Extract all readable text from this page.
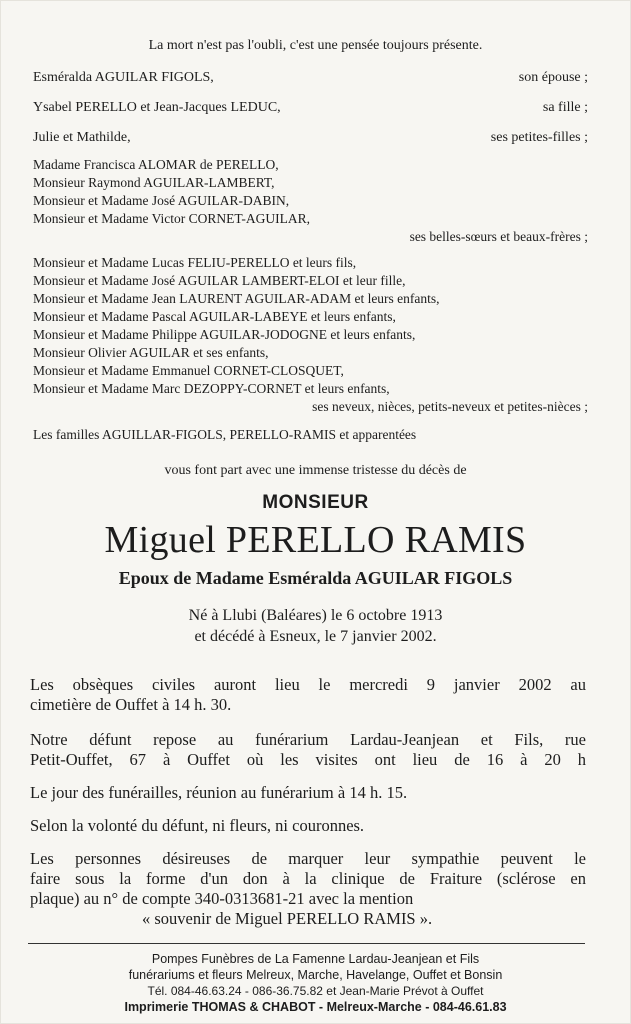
La mort n'est pas l'oubli, c'est une pensée toujours présente.
Esméralda AGUILAR FIGOLS,	son épouse ;
Ysabel PERELLO et Jean-Jacques LEDUC,	sa fille ;
Julie et Mathilde,	ses petites-filles ;
Madame Francisca ALOMAR de PERELLO,
Monsieur Raymond AGUILAR-LAMBERT,
Monsieur et Madame José AGUILAR-DABIN,
Monsieur et Madame Victor CORNET-AGUILAR,
ses belles-sœurs et beaux-frères ;
Monsieur et Madame Lucas FELIU-PERELLO et leurs fils,
Monsieur et Madame José AGUILAR LAMBERT-ELOI et leur fille,
Monsieur et Madame Jean LAURENT AGUILAR-ADAM et leurs enfants,
Monsieur et Madame Pascal AGUILAR-LABEYE et leurs enfants,
Monsieur et Madame Philippe AGUILAR-JODOGNE et leurs enfants,
Monsieur Olivier AGUILAR et ses enfants,
Monsieur et Madame Emmanuel CORNET-CLOSQUET,
Monsieur et Madame Marc DEZOPPY-CORNET et leurs enfants,
ses neveux, nièces, petits-neveux et petites-nièces ;
Les familles AGUILLAR-FIGOLS, PERELLO-RAMIS et apparentées
vous font part avec une immense tristesse du décès de
MONSIEUR
Miguel PERELLO RAMIS
Epoux de Madame Esméralda AGUILAR FIGOLS
Né à Llubi (Baléares) le 6 octobre 1913
et décédé à Esneux, le 7 janvier 2002.
Les obsèques civiles auront lieu le mercredi 9 janvier 2002 au
cimetière de Ouffet à 14 h. 30.
Notre défunt repose au funérarium Lardau-Jeanjean et Fils, rue
Petit-Ouffet, 67 à Ouffet où les visites ont lieu de 16 à 20 h
Le jour des funérailles, réunion au funérarium à 14 h. 15.
Selon la volonté du défunt, ni fleurs, ni couronnes.
Les personnes désireuses de marquer leur sympathie peuvent le
faire sous la forme d'un don à la clinique de Fraiture (sclérose en
plaque) au n° de compte 340-0313681-21 avec la mention
« souvenir de Miguel PERELLO RAMIS ».
Pompes Funèbres de La Famenne Lardau-Jeanjean et Fils
funérariums et fleurs Melreux, Marche, Havelange, Ouffet et Bonsin
Tél. 084-46.63.24 - 086-36.75.82 et Jean-Marie Prévot à Ouffet
Imprimerie THOMAS & CHABOT - Melreux-Marche - 084-46.61.83
